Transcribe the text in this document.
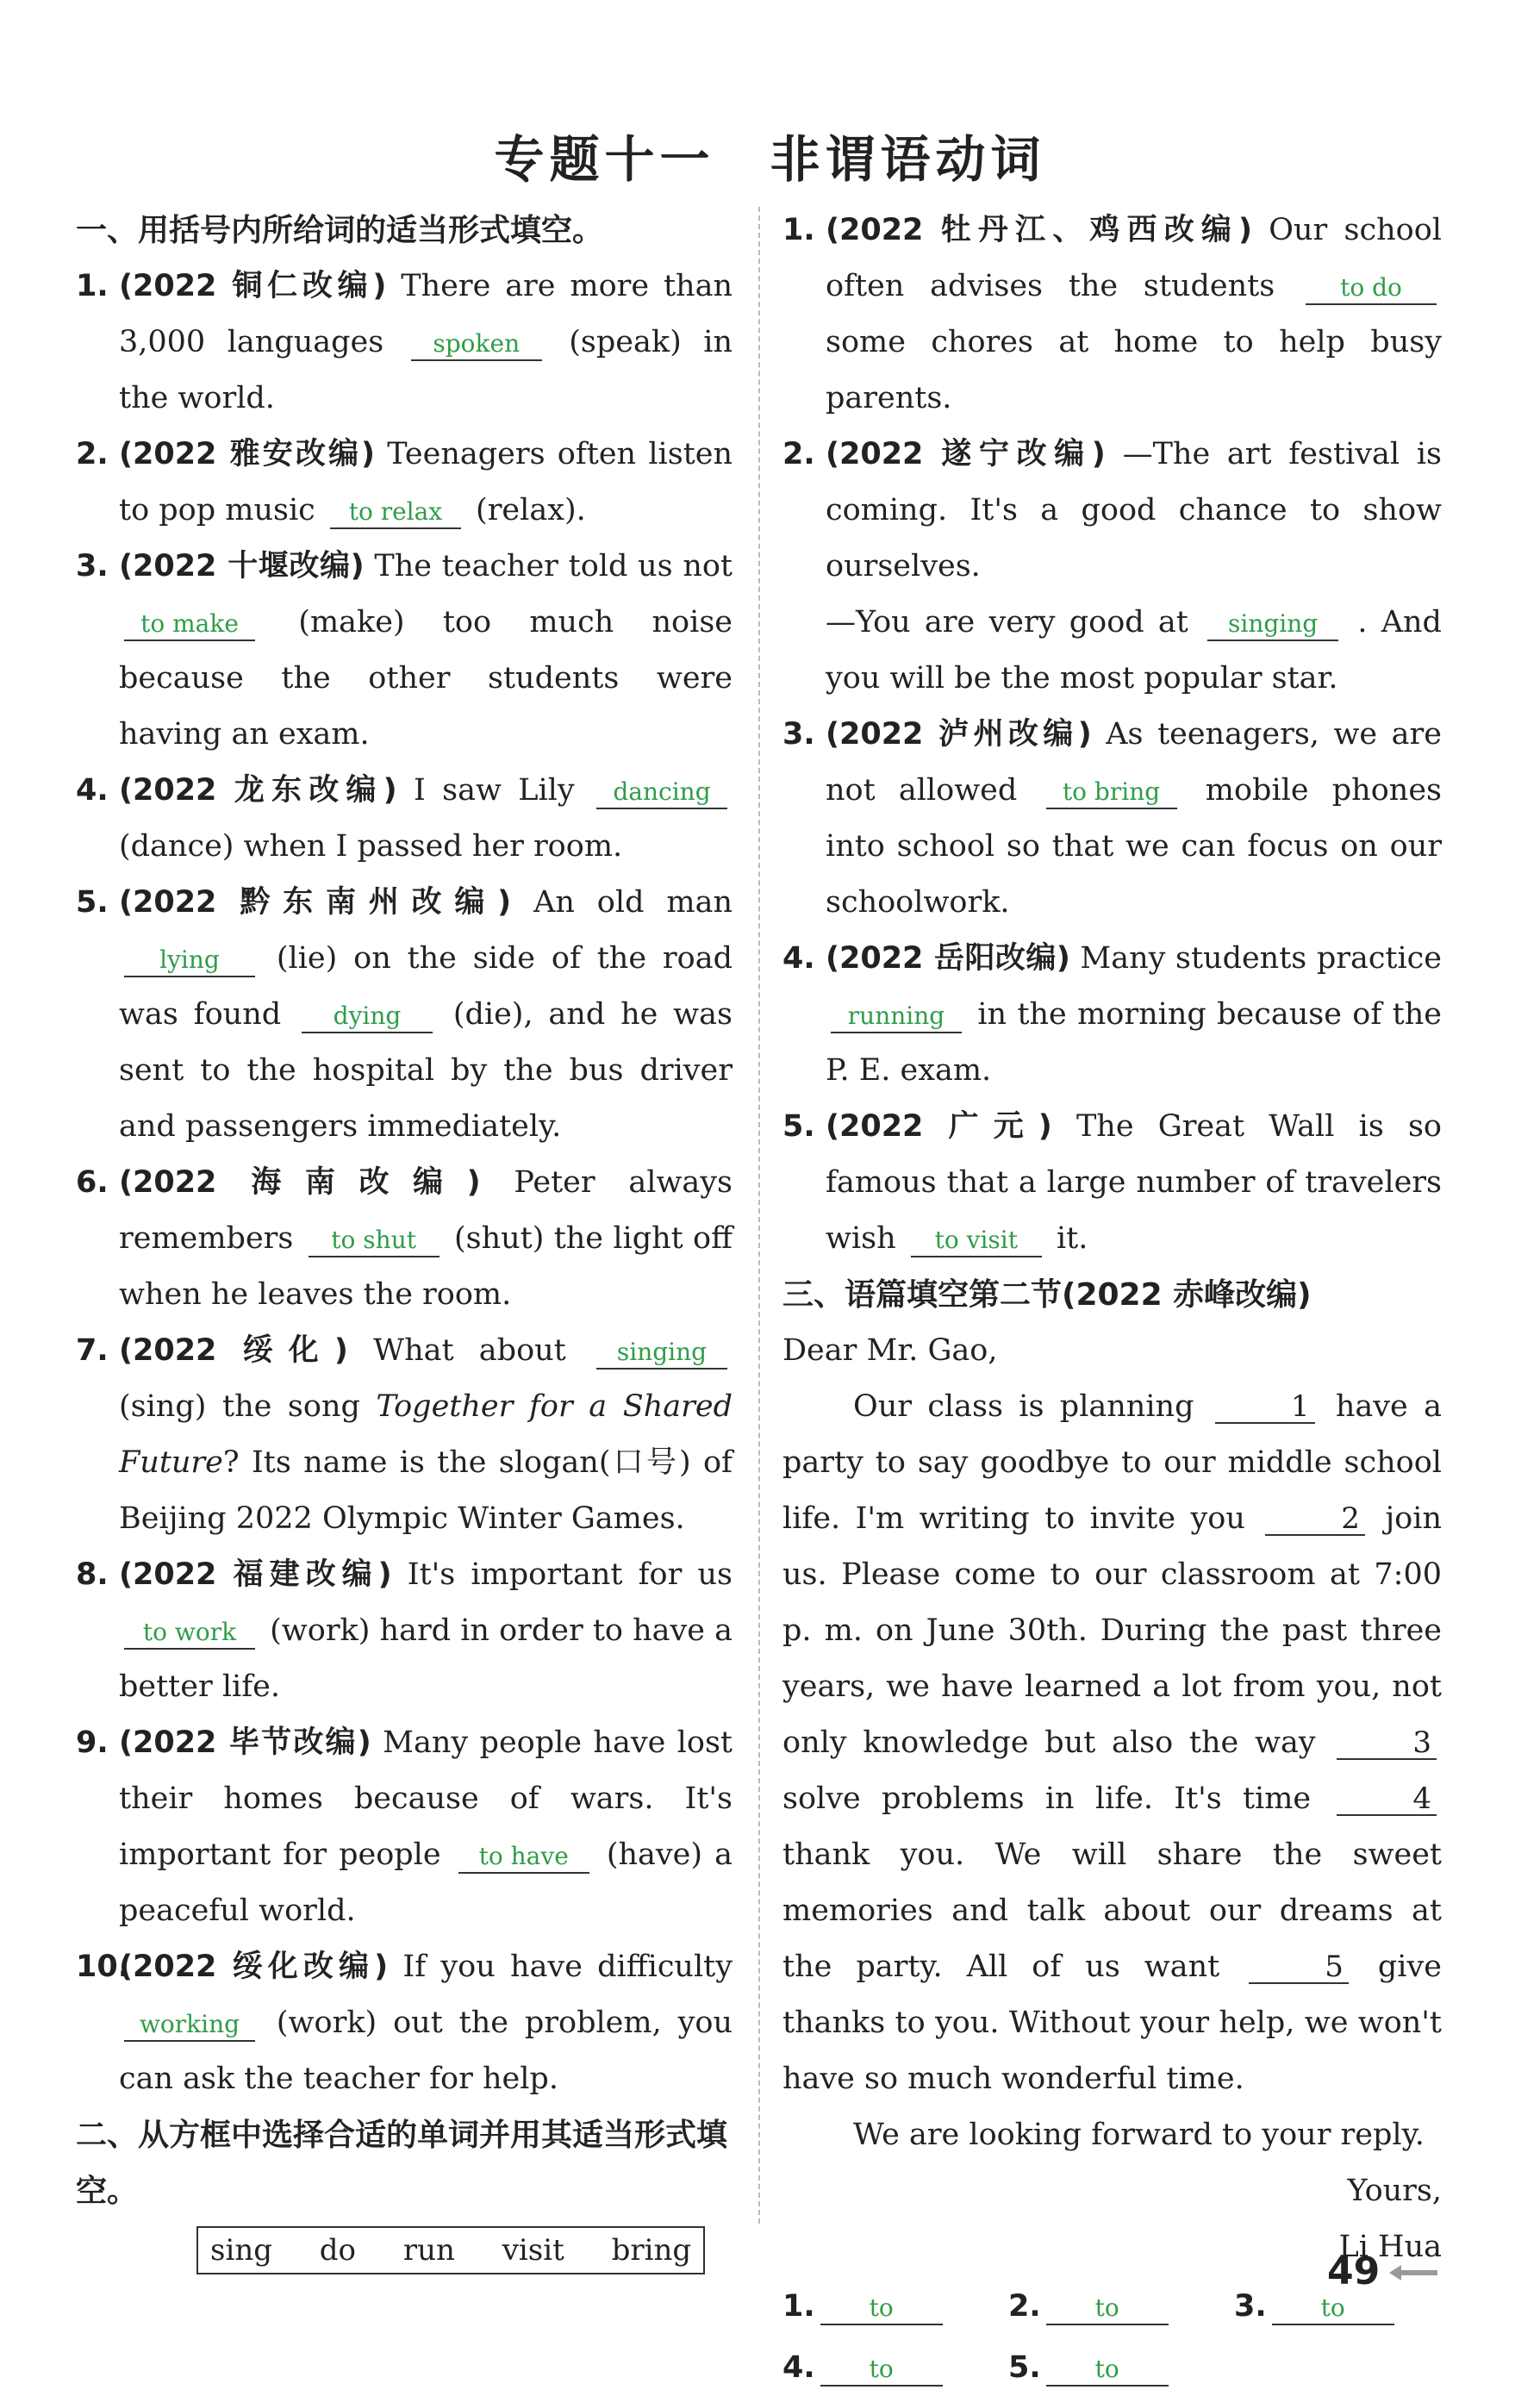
专题十一　非谓语动词
一、用括号内所给词的适当形式填空。
1. (2022 铜仁改编) There are more than 3,000 languages spoken (speak) in the world.
2. (2022 雅安改编) Teenagers often listen to pop music to relax (relax).
3. (2022 十堰改编) The teacher told us not to make (make) too much noise because the other students were having an exam.
4. (2022 龙东改编) I saw Lily dancing (dance) when I passed her room.
5. (2022 黔东南州改编) An old man lying (lie) on the side of the road was found dying (die), and he was sent to the hospital by the bus driver and passengers immediately.
6. (2022 海南改编) Peter always remembers to shut (shut) the light off when he leaves the room.
7. (2022 绥化) What about singing (sing) the song Together for a Shared Future? Its name is the slogan(口号) of Beijing 2022 Olympic Winter Games.
8. (2022 福建改编) It's important for us to work (work) hard in order to have a better life.
9. (2022 毕节改编) Many people have lost their homes because of wars. It's important for people to have (have) a peaceful world.
10.
(2022 绥化改编) If you have difficulty working (work) out the problem, you can ask the teacher for help.
二、从方框中选择合适的单词并用其适当形式填空。
sing do run visit bring
1. (2022 牡丹江、鸡西改编) Our school often advises the students	to do some chores at home to help busy parents.
2. (2022 遂宁改编) —The art festival is coming. It's a good chance to show ourselves.
—You are very good at singing . And you will be the most popular star.
3. (2022 泸州改编) As teenagers, we are not allowed to bring mobile phones into school so that we can focus on our schoolwork.
4. (2022 岳阳改编) Many students practice running in the morning because of the P. E. exam.
5. (2022 广元) The Great Wall is so famous that a large number of travelers wish to visit it.
三、语篇填空第二节(2022 赤峰改编)
Dear Mr. Gao,
Our class is planning	1 have a party to say goodbye to our middle school life. I'm writing to invite you	2 join us. Please come to our classroom at 7:00 p. m. on June 30th. During the past three years, we have learned a lot from you, not only knowledge but also the way	3 solve problems in life. It's time	4 thank you. We will share the sweet memories and talk about our dreams at the party. All of us want	5 give thanks to you. Without your help, we won't have so much wonderful time.
We are looking forward to your reply.
Yours,
Li Hua
1. to	2. to	3. to
4. to	5. to
49
